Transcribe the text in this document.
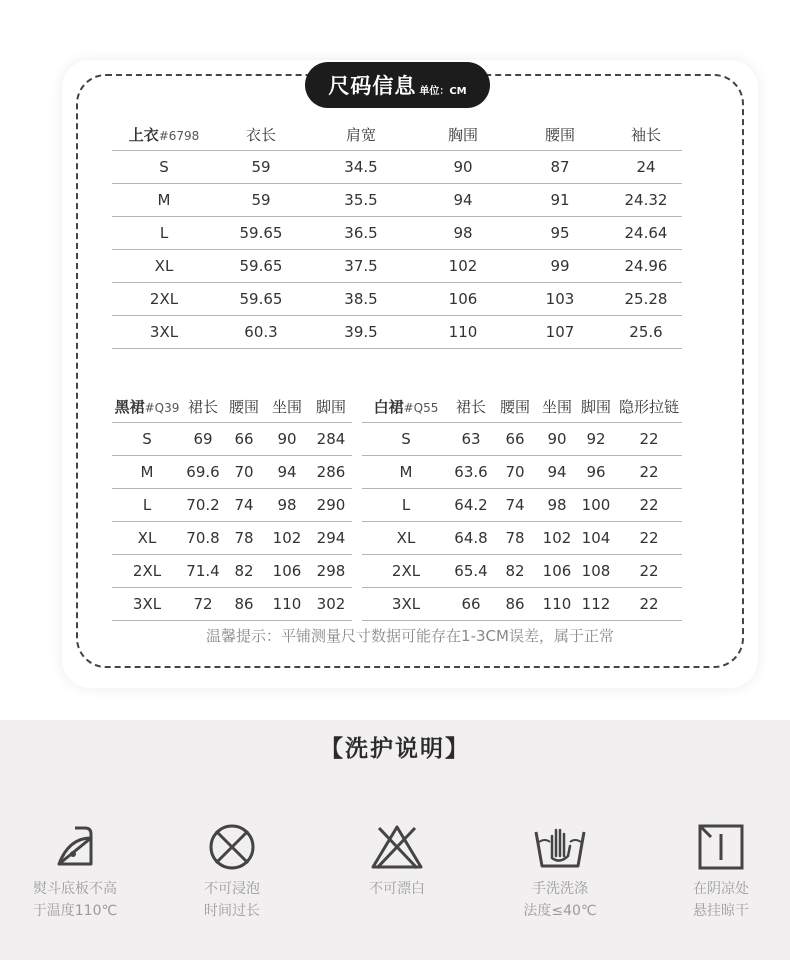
尺码信息 单位：CM
上衣#6798	衣长	肩宽	胸围	腰围	袖长
S	59	34.5	90	87	24
M	59	35.5	94	91	24.32
L	59.65	36.5	98	95	24.64
XL	59.65	37.5	102	99	24.96
2XL	59.65	38.5	106	103	25.28
3XL	60.3	39.5	110	107	25.6
黑裙#Q39	裙长	腰围	坐围	脚围
S	69	66	90	284
M	69.6	70	94	286
L	70.2	74	98	290
XL	70.8	78	102	294
2XL	71.4	82	106	298
3XL	72	86	110	302
白裙#Q55	裙长	腰围	坐围	脚围	隐形拉链
S	63	66	90	92	22
M	63.6	70	94	96	22
L	64.2	74	98	100	22
XL	64.8	78	102	104	22
2XL	65.4	82	106	108	22
3XL	66	86	110	112	22
温馨提示：平铺测量尺寸数据可能存在1-3CM误差，属于正常
【洗护说明】
熨斗底板不高
于温度110℃
不可浸泡
时间过长
不可漂白	手洗洗涤
法度≤40℃
在阴凉处
悬挂晾干
